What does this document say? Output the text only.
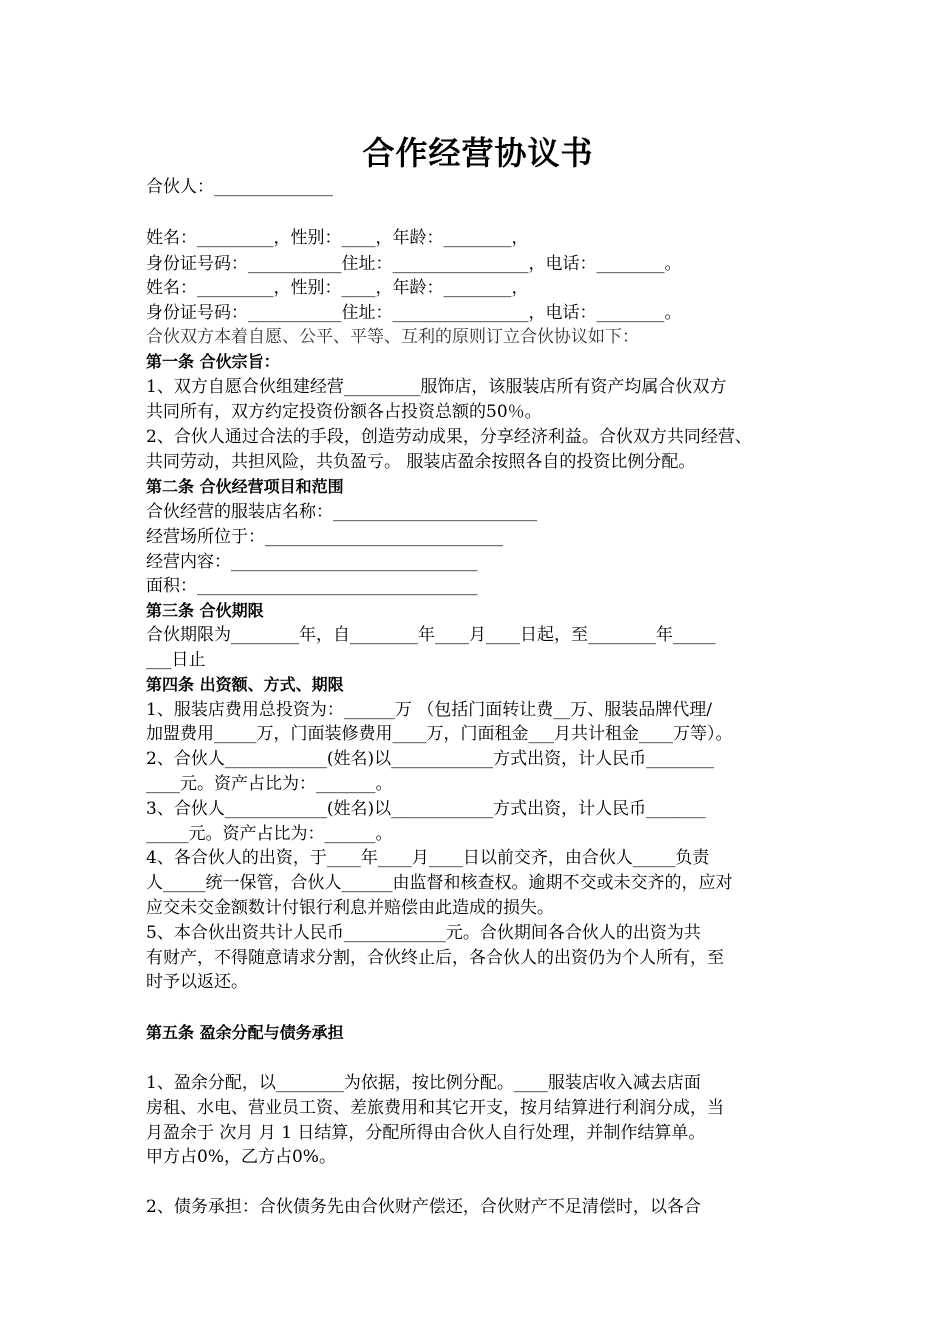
合作经营协议书
合伙人：______________
姓名：_________，性别：____，年龄：________，
身份证号码：___________住址：________________，电话：________。
姓名：_________，性别：____，年龄：________，
身份证号码：___________住址：________________，电话：________。
合伙双方本着自愿、公平、平等、互利的原则订立合伙协议如下：
第一条 合伙宗旨：
1、双方自愿合伙组建经营_________服饰店，该服装店所有资产均属合伙双方
共同所有，双方约定投资份额各占投资总额的50％。
2、合伙人通过合法的手段，创造劳动成果，分享经济利益。合伙双方共同经营、
共同劳动，共担风险，共负盈亏。 服装店盈余按照各自的投资比例分配。
第二条 合伙经营项目和范围
合伙经营的服装店名称：________________________
经营场所位于：____________________________
经营内容：_____________________________
面积：_________________________________
第三条 合伙期限
合伙期限为________年，自________年____月____日起，至________年_____
___日止
第四条 出资额、方式、期限
1、服装店费用总投资为：______万 （包括门面转让费__万、服装品牌代理/
加盟费用_____万，门面装修费用____万，门面租金___月共计租金____万等）。
2、合伙人____________(姓名)以____________方式出资，计人民币________
____元。资产占比为：_______。
3、合伙人____________(姓名)以____________方式出资，计人民币_______
_____元。资产占比为：______。
4、各合伙人的出资，于____年____月____日以前交齐，由合伙人_____负责
人_____统一保管，合伙人______由监督和核查权。逾期不交或未交齐的，应对
应交未交金额数计付银行利息并赔偿由此造成的损失。
5、本合伙出资共计人民币____________元。合伙期间各合伙人的出资为共
有财产，不得随意请求分割，合伙终止后，各合伙人的出资仍为个人所有，至
时予以返还。
第五条 盈余分配与债务承担
1、盈余分配，以________为依据，按比例分配。____服装店收入减去店面
房租、水电、营业员工资、差旅费用和其它开支，按月结算进行利润分成，当
月盈余于 次月 月 1 日结算，分配所得由合伙人自行处理，并制作结算单。
甲方占0%，乙方占0%。
2、债务承担：合伙债务先由合伙财产偿还，合伙财产不足清偿时，以各合
